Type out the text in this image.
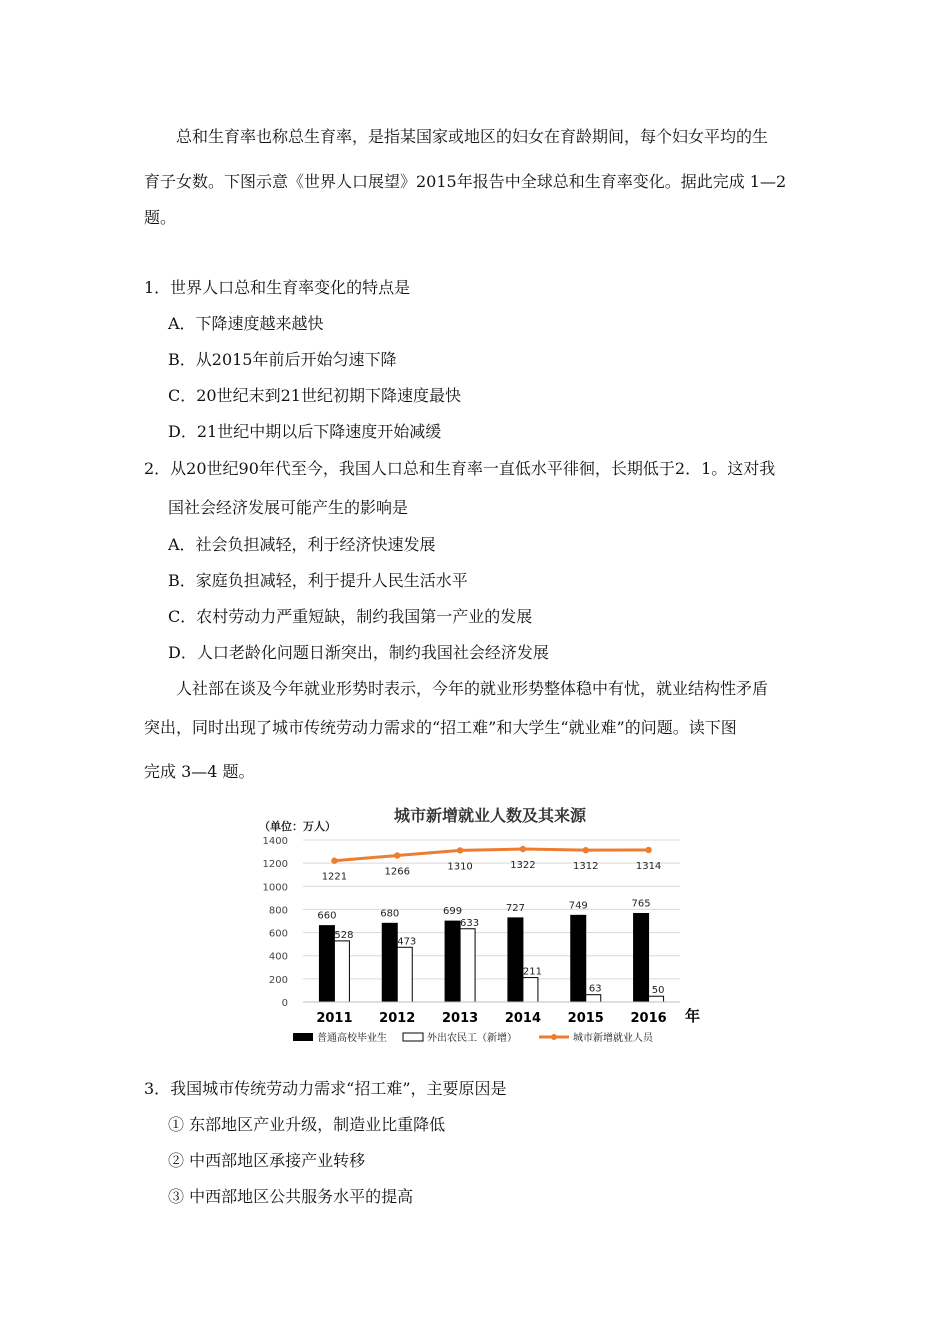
总和生育率也称总生育率，是指某国家或地区的妇女在育龄期间，每个妇女平均的生
育子女数。下图示意《世界人口展望》2015年报告中全球总和生育率变化。据此完成 1—2
题。
1．世界人口总和生育率变化的特点是
A．下降速度越来越快
B．从2015年前后开始匀速下降
C．20世纪末到21世纪初期下降速度最快
D．21世纪中期以后下降速度开始减缓
2．从20世纪90年代至今，我国人口总和生育率一直低水平徘徊，长期低于2．1。这对我
国社会经济发展可能产生的影响是
A．社会负担减轻，利于经济快速发展
B．家庭负担减轻，利于提升人民生活水平
C．农村劳动力严重短缺，制约我国第一产业的发展
D．人口老龄化问题日渐突出，制约我国社会经济发展
人社部在谈及今年就业形势时表示，今年的就业形势整体稳中有忧，就业结构性矛盾
突出，同时出现了城市传统劳动力需求的“招工难”和大学生“就业难”的问题。读下图
完成 3—4 题。
城市新增就业人数及其来源
（单位：万人）
0
200
400
600
800
1000
1200
1400
660
528
680
473
699
633
727
211
749
63
765
50
1221	1266	1310	1322	1312	1314
2011 2012 2013 2014 2015 2016 年
普通高校毕业生	外出农民工（新增）	城市新增就业人员
3．我国城市传统劳动力需求“招工难”，主要原因是
① 东部地区产业升级，制造业比重降低
② 中西部地区承接产业转移
③ 中西部地区公共服务水平的提高
